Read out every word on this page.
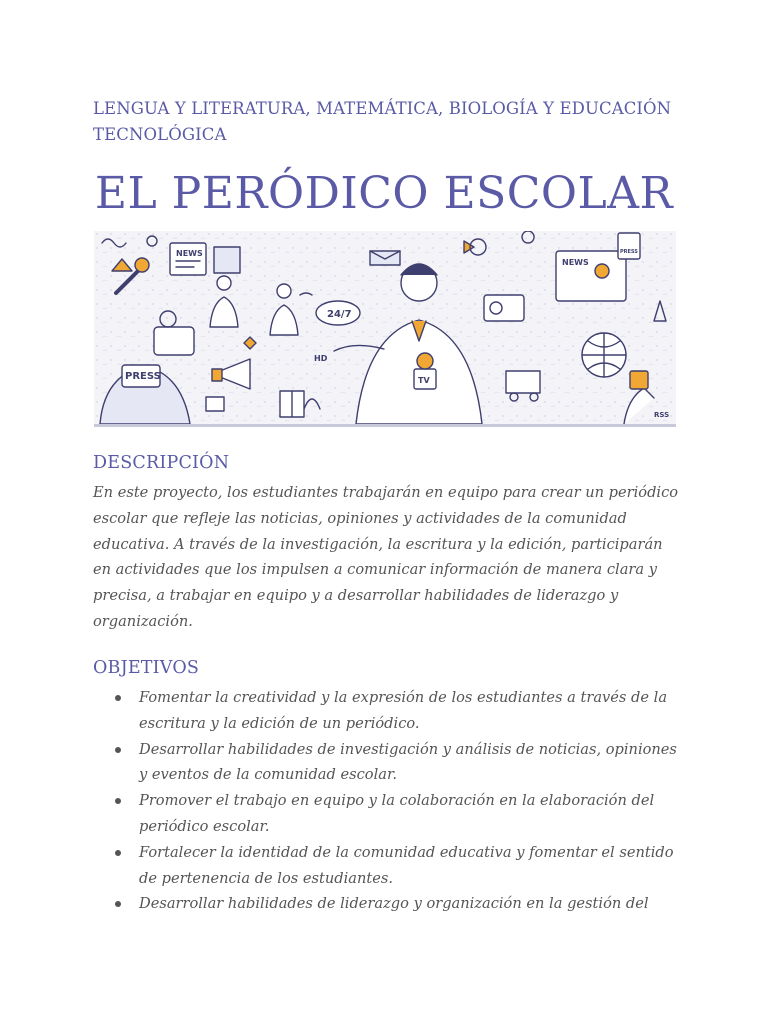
LENGUA Y LITERATURA, MATEMÁTICA, BIOLOGÍA Y EDUCACIÓN TECNOLÓGICA
EL PERÓDICO ESCOLAR
NEWS
PRESS
24/7
TV
HD
NEWS
PRESS
RSS
DESCRIPCIÓN
En este proyecto, los estudiantes trabajarán en equipo para crear un periódico escolar que refleje las noticias, opiniones y actividades de la comunidad educativa. A través de la investigación, la escritura y la edición, participarán en actividades que los impulsen a comunicar información de manera clara y precisa, a trabajar en equipo y a desarrollar habilidades de liderazgo y organización.
OBJETIVOS
Fomentar la creatividad y la expresión de los estudiantes a través de la escritura y la edición de un periódico.
Desarrollar habilidades de investigación y análisis de noticias, opiniones y eventos de la comunidad escolar.
Promover el trabajo en equipo y la colaboración en la elaboración del periódico escolar.
Fortalecer la identidad de la comunidad educativa y fomentar el sentido de pertenencia de los estudiantes.
Desarrollar habilidades de liderazgo y organización en la gestión del
